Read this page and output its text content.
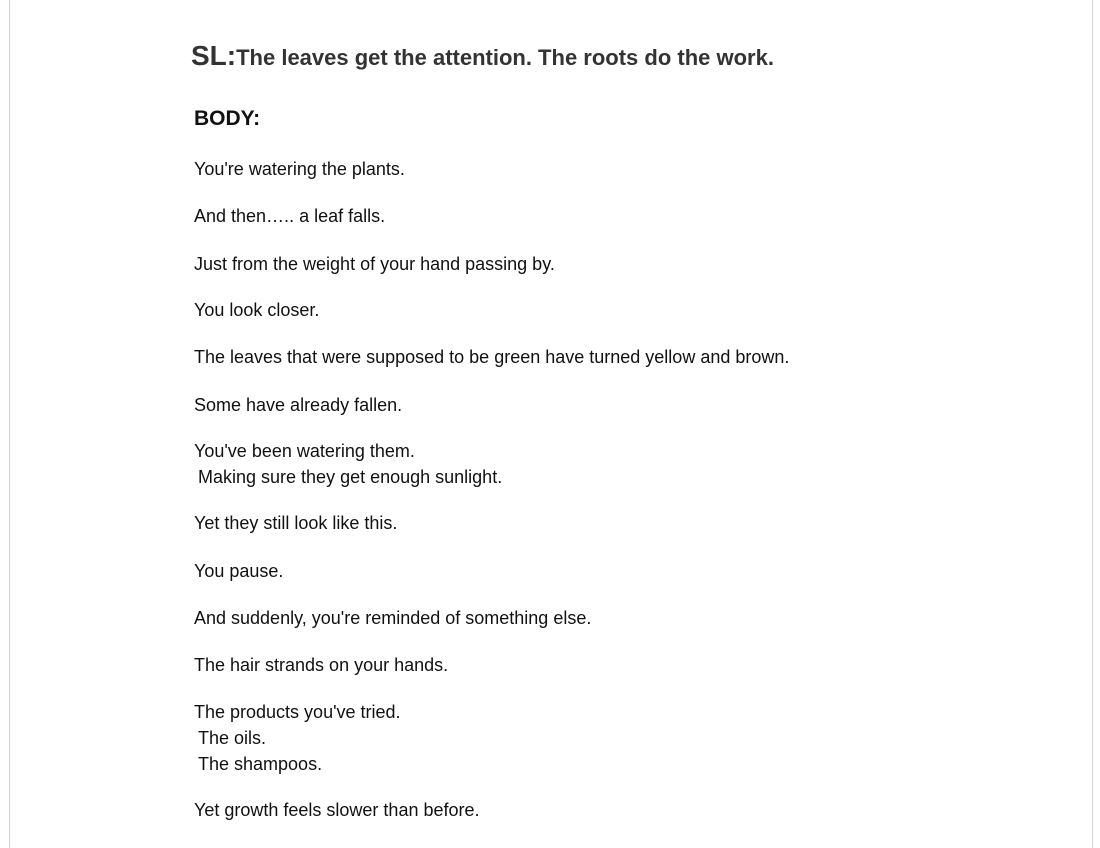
SL:The leaves get the attention. The roots do the work.
BODY:
You're watering the plants.
And then….. a leaf falls.
Just from the weight of your hand passing by.
You look closer.
The leaves that were supposed to be green have turned yellow and brown.
Some have already fallen.
You've been watering them.
Making sure they get enough sunlight.
Yet they still look like this.
You pause.
And suddenly, you're reminded of something else.
The hair strands on your hands.
The products you've tried.
The oils.
The shampoos.
Yet growth feels slower than before.
